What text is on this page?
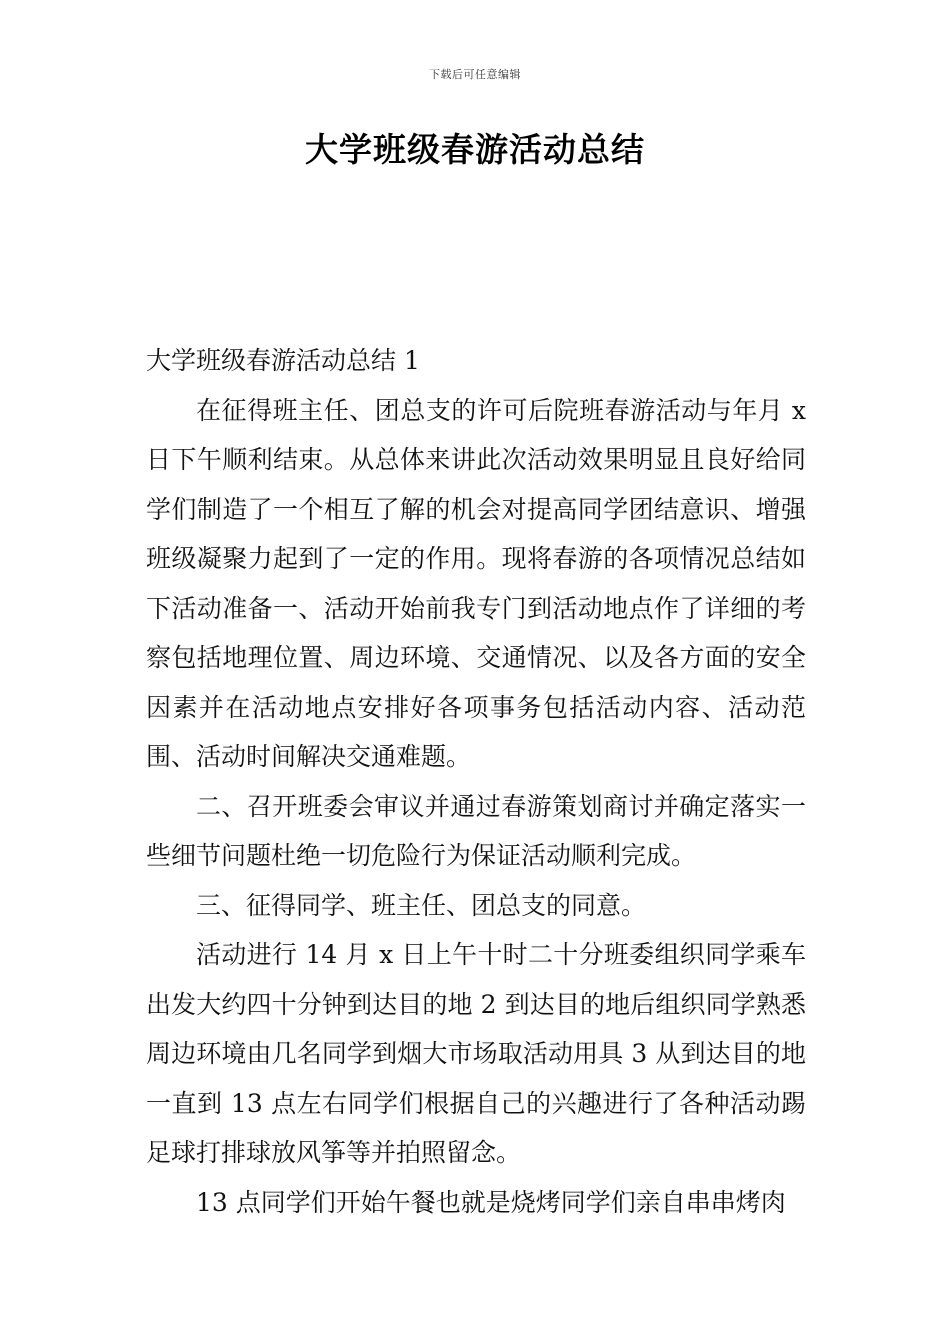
下载后可任意编辑
大学班级春游活动总结

大学班级春游活动总结 1

在征得班主任、团总支的许可后院班春游活动与年月 x 日下午顺利结束。从总体来讲此次活动效果明显且良好给同学们制造了一个相互了解的机会对提高同学团结意识、增强班级凝聚力起到了一定的作用。现将春游的各项情况总结如下活动准备一、活动开始前我专门到活动地点作了详细的考察包括地理位置、周边环境、交通情况、以及各方面的安全因素并在活动地点安排好各项事务包括活动内容、活动范围、活动时间解决交通难题。

二、召开班委会审议并通过春游策划商讨并确定落实一些细节问题杜绝一切危险行为保证活动顺利完成。

三、征得同学、班主任、团总支的同意。

活动进行 14 月 x 日上午十时二十分班委组织同学乘车出发大约四十分钟到达目的地 2 到达目的地后组织同学熟悉周边环境由几名同学到烟大市场取活动用具 3 从到达目的地一直到 13 点左右同学们根据自己的兴趣进行了各种活动踢足球打排球放风筝等并拍照留念。

13 点同学们开始午餐也就是烧烤同学们亲自串串烤肉
